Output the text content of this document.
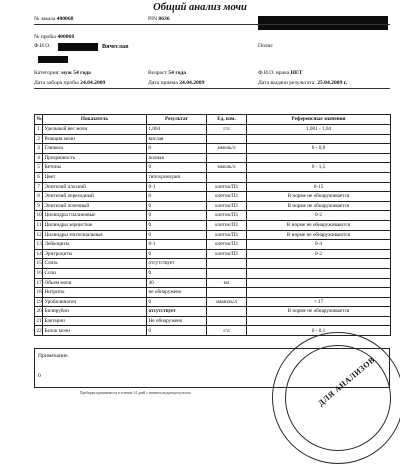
Общий анализ мочи
№ заказа 400068	PIN 8636
№ пробы 400068
Ф.И.О.	Вячеслав	Полис
Категория: муж 54 года	Возраст 54 года	Ф.И.О. врача НЕТ
Дата забора пробы 24.04.2009	Дата приема 24.04.2009	Дата выдачи результата: 25.04.2009 г.
№	Показатель	Результат	Ед. изм.	Референсные значения
1	Удельный вес мочи	1,004	г/л	1,001 - 1,04
2	Реакция мочи	кислая		
3	Глюкоза	0	ммоль/л	0 - 0,8
4	Прозрачность	полная		
5	Кетоны	0	ммоль/л	0 - 1,5
6	Цвет	гипохромурия		
7	Эпителий плоский	0-1	клеток/П3	0-15
8	Эпителий переходный	0	клеток/П3	В норме не обнаруживается
9	Эпителий почечный	0	клеток/П3	В норме не обнаруживается
10	Цилиндры гиалиновые	0	клеток/П3	0-2
11	Цилиндры зернистые	0	клеток/П3	В норме не обнаруживаются
12	Цилиндры эпителиальные	0	клеток/П3	В норме не обнаруживаются
13	Лейкоциты	0-1	клеток/П3	0-4
14	Эритроциты	0	клеток/П3	0-2
15	Слизь	отсутствует		
16	Соли	0		
17	Объем мочи	40	мл	
18	Нитриты	не обнаружено		
19	Уробилиноген	0	мкмоль/л	< 17
20	Билирубин	отсутствует		В норме не обнаруживается
21	Бактерии	Не обнаружено		
22	Белок мочи	0	г/л	0 - 0,1
Примечание.
0	ДЛЯ АНАЛИЗОВ
Пробирки принимаются в течение 14 дней с момента выдачи результата.
